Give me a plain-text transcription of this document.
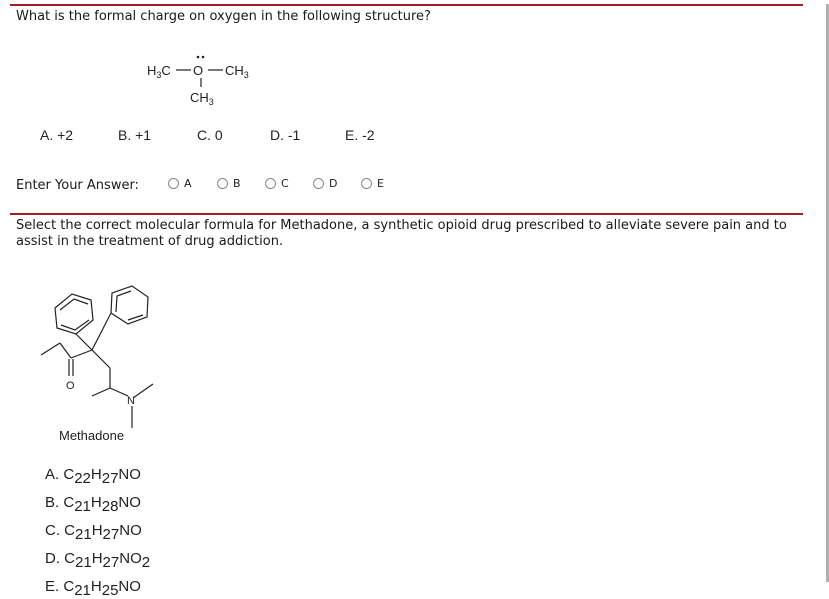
What is the formal charge on oxygen in the following structure?
$H_3C$ O $CH_3$
$CH_3$
A. +2	B. +1	C. 0	D. -1	E. -2
Enter Your Answer:	A	B	C	D	E
Select the correct molecular formula for Methadone, a synthetic opioid drug prescribed to alleviate severe pain and to
assist in the treatment of drug addiction.
O
N
Methadone
A. C22H27NO
B. C21H28NO
C. C21H27NO
D. C21H27NO2
E. C21H25NO
